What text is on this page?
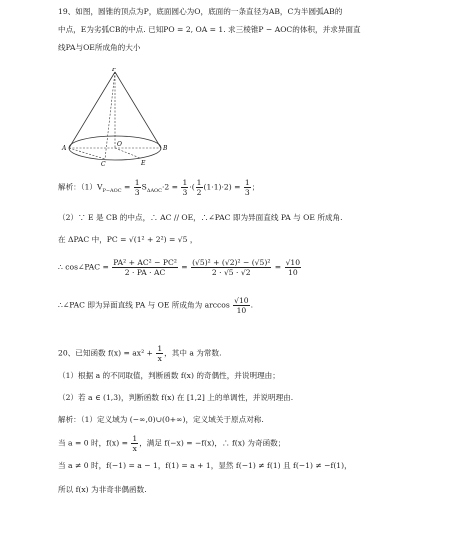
19、如图，圆锥的顶点为P，底面圆心为O，底面的一条直径为AB，C为半圆弧AB的
中点，E为劣弧CB的中点. 已知PO = 2, OA = 1. 求三棱锥P − AOC的体积，并求异面直
线PA与OE所成角的大小
P
A	B
C
O
E
解析：$(1)V_{P-AOC} = \frac{1}{3} S_{\Delta AOC}\cdot 2 = \frac{1}{3}$ ·( $\frac{1}{2} (1\cdot 1)\cdot 2) = \frac{1}{3}$ ；
（2）∵ E 是 CB 的中点，∴ AC // OE，∴∠PAC 即为异面直线 PA 与 OE 所成角.
在 ΔPAC 中，PC = √(1² + 2²) = √5 ，
∴ cos∠PAC = $\frac{\text{PA² + AC² − PC²}}{2 \cdot PA \cdot AC} = \frac{\text{(√5)² + (√2)² − (√5)²}}{2 \cdot √5 \cdot √2} = \frac{√10}{10}$
∴∠PAC 即为异面直线 PA 与 OE 所成角为 $\arccos \frac{√10}{10}$ .
20、已知函数 $f(x) = ax^2 + \frac{1}{x}$ ，其中 a 为常数.
（1）根据 a 的不同取值，判断函数 f(x) 的奇偶性，并说明理由；
（2）若 a ∈ (1,3)，判断函数 f(x) 在 [1,2] 上的单调性，并说明理由.
解析：（1）定义域为 (−∞,0)∪(0+∞)，定义域关于原点对称.
当 a = 0 时，$f(x) = \frac{1}{x}$ ，满足 f(−x) = −f(x)，∴ f(x) 为奇函数；
当 a ≠ 0 时，f(−1) = a − 1，f(1) = a + 1，显然 f(−1) ≠ f(1) 且 f(−1) ≠ −f(1)，
所以 f(x) 为非奇非偶函数.
